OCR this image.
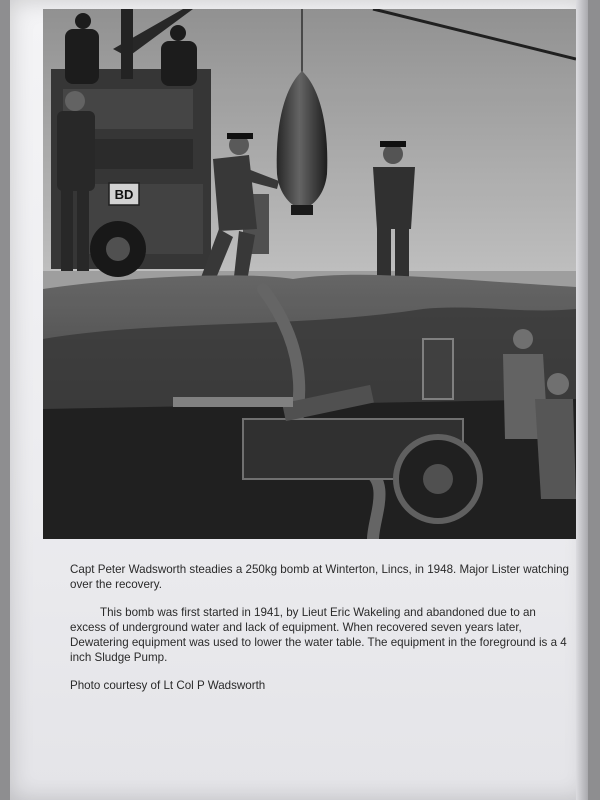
BD

Capt Peter Wadsworth steadies a 250kg bomb at Winterton, Lincs, in 1948. Major Lister watching over the recovery.

This bomb was first started in 1941, by Lieut Eric Wakeling and abandoned due to an excess of underground water and lack of equipment. When recovered seven years later, Dewatering equipment was used to lower the water table. The equipment in the foreground is a 4 inch Sludge Pump.

Photo courtesy of Lt Col P Wadsworth
